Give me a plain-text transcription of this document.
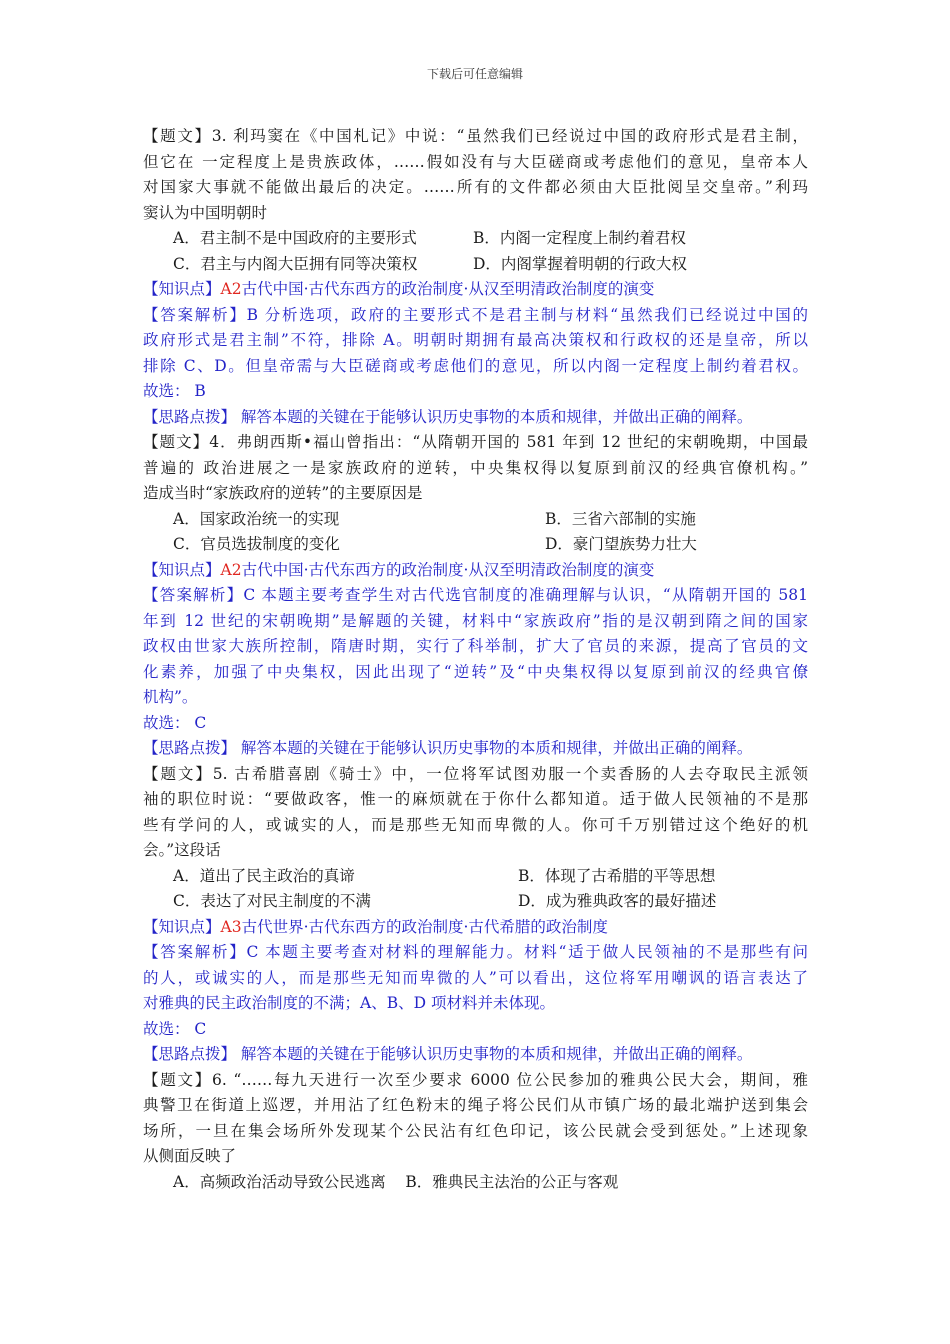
下载后可任意编辑
【题文】3. 利玛窦在《中国札记》中说：“虽然我们已经说过中国的政府形式是君主制，
但它在 一定程度上是贵族政体，……假如没有与大臣磋商或考虑他们的意见，皇帝本人
对国家大事就不能做出最后的决定。……所有的文件都必须由大臣批阅呈交皇帝。”利玛
窦认为中国明朝时
A．君主制不是中国政府的主要形式	B．内阁一定程度上制约着君权
C．君主与内阁大臣拥有同等决策权	D．内阁掌握着明朝的行政大权
【知识点】A2古代中国·古代东西方的政治制度·从汉至明清政治制度的演变
【答案解析】B 分析选项，政府的主要形式不是君主制与材料“虽然我们已经说过中国的
政府形式是君主制”不符，排除 A。明朝时期拥有最高决策权和行政权的还是皇帝，所以
排除 C、D。但皇帝需与大臣磋商或考虑他们的意见，所以内阁一定程度上制约着君权。
故选： B
【思路点拨】 解答本题的关键在于能够认识历史事物的本质和规律，并做出正确的阐释。
【题文】4．弗朗西斯•福山曾指出：“从隋朝开国的 581 年到 12 世纪的宋朝晚期，中国最
普遍的 政治进展之一是家族政府的逆转，中央集权得以复原到前汉的经典官僚机构。”
造成当时“家族政府的逆转”的主要原因是
A．国家政治统一的实现	B．三省六部制的实施
C．官员选拔制度的变化	D．豪门望族势力壮大
【知识点】A2古代中国·古代东西方的政治制度·从汉至明清政治制度的演变
【答案解析】C 本题主要考查学生对古代选官制度的准确理解与认识，“从隋朝开国的 581
年到 12 世纪的宋朝晚期”是解题的关键，材料中“家族政府”指的是汉朝到隋之间的国家
政权由世家大族所控制，隋唐时期，实行了科举制，扩大了官员的来源，提高了官员的文
化素养，加强了中央集权，因此出现了“逆转”及“中央集权得以复原到前汉的经典官僚
机构”。
故选： C
【思路点拨】 解答本题的关键在于能够认识历史事物的本质和规律，并做出正确的阐释。
【题文】5. 古希腊喜剧《骑士》中，一位将军试图劝服一个卖香肠的人去夺取民主派领
袖的职位时说：“要做政客，惟一的麻烦就在于你什么都知道。适于做人民领袖的不是那
些有学问的人，或诚实的人，而是那些无知而卑微的人。你可千万别错过这个绝好的机
会。”这段话
A．道出了民主政治的真谛	B．体现了古希腊的平等思想
C．表达了对民主制度的不满	D．成为雅典政客的最好描述
【知识点】A3古代世界·古代东西方的政治制度·古代希腊的政治制度
【答案解析】C 本题主要考查对材料的理解能力。材料“适于做人民领袖的不是那些有问
的人，或诚实的人，而是那些无知而卑微的人”可以看出，这位将军用嘲讽的语言表达了
对雅典的民主政治制度的不满；A、B、D 项材料并未体现。
故选： C
【思路点拨】 解答本题的关键在于能够认识历史事物的本质和规律，并做出正确的阐释。
【题文】6. “……每九天进行一次至少要求 6000 位公民参加的雅典公民大会，期间，雅
典警卫在街道上巡逻，并用沾了红色粉末的绳子将公民们从市镇广场的最北端护送到集会
场所，一旦在集会场所外发现某个公民沾有红色印记，该公民就会受到惩处。”上述现象
从侧面反映了
A．高频政治活动导致公民逃离    B．雅典民主法治的公正与客观
